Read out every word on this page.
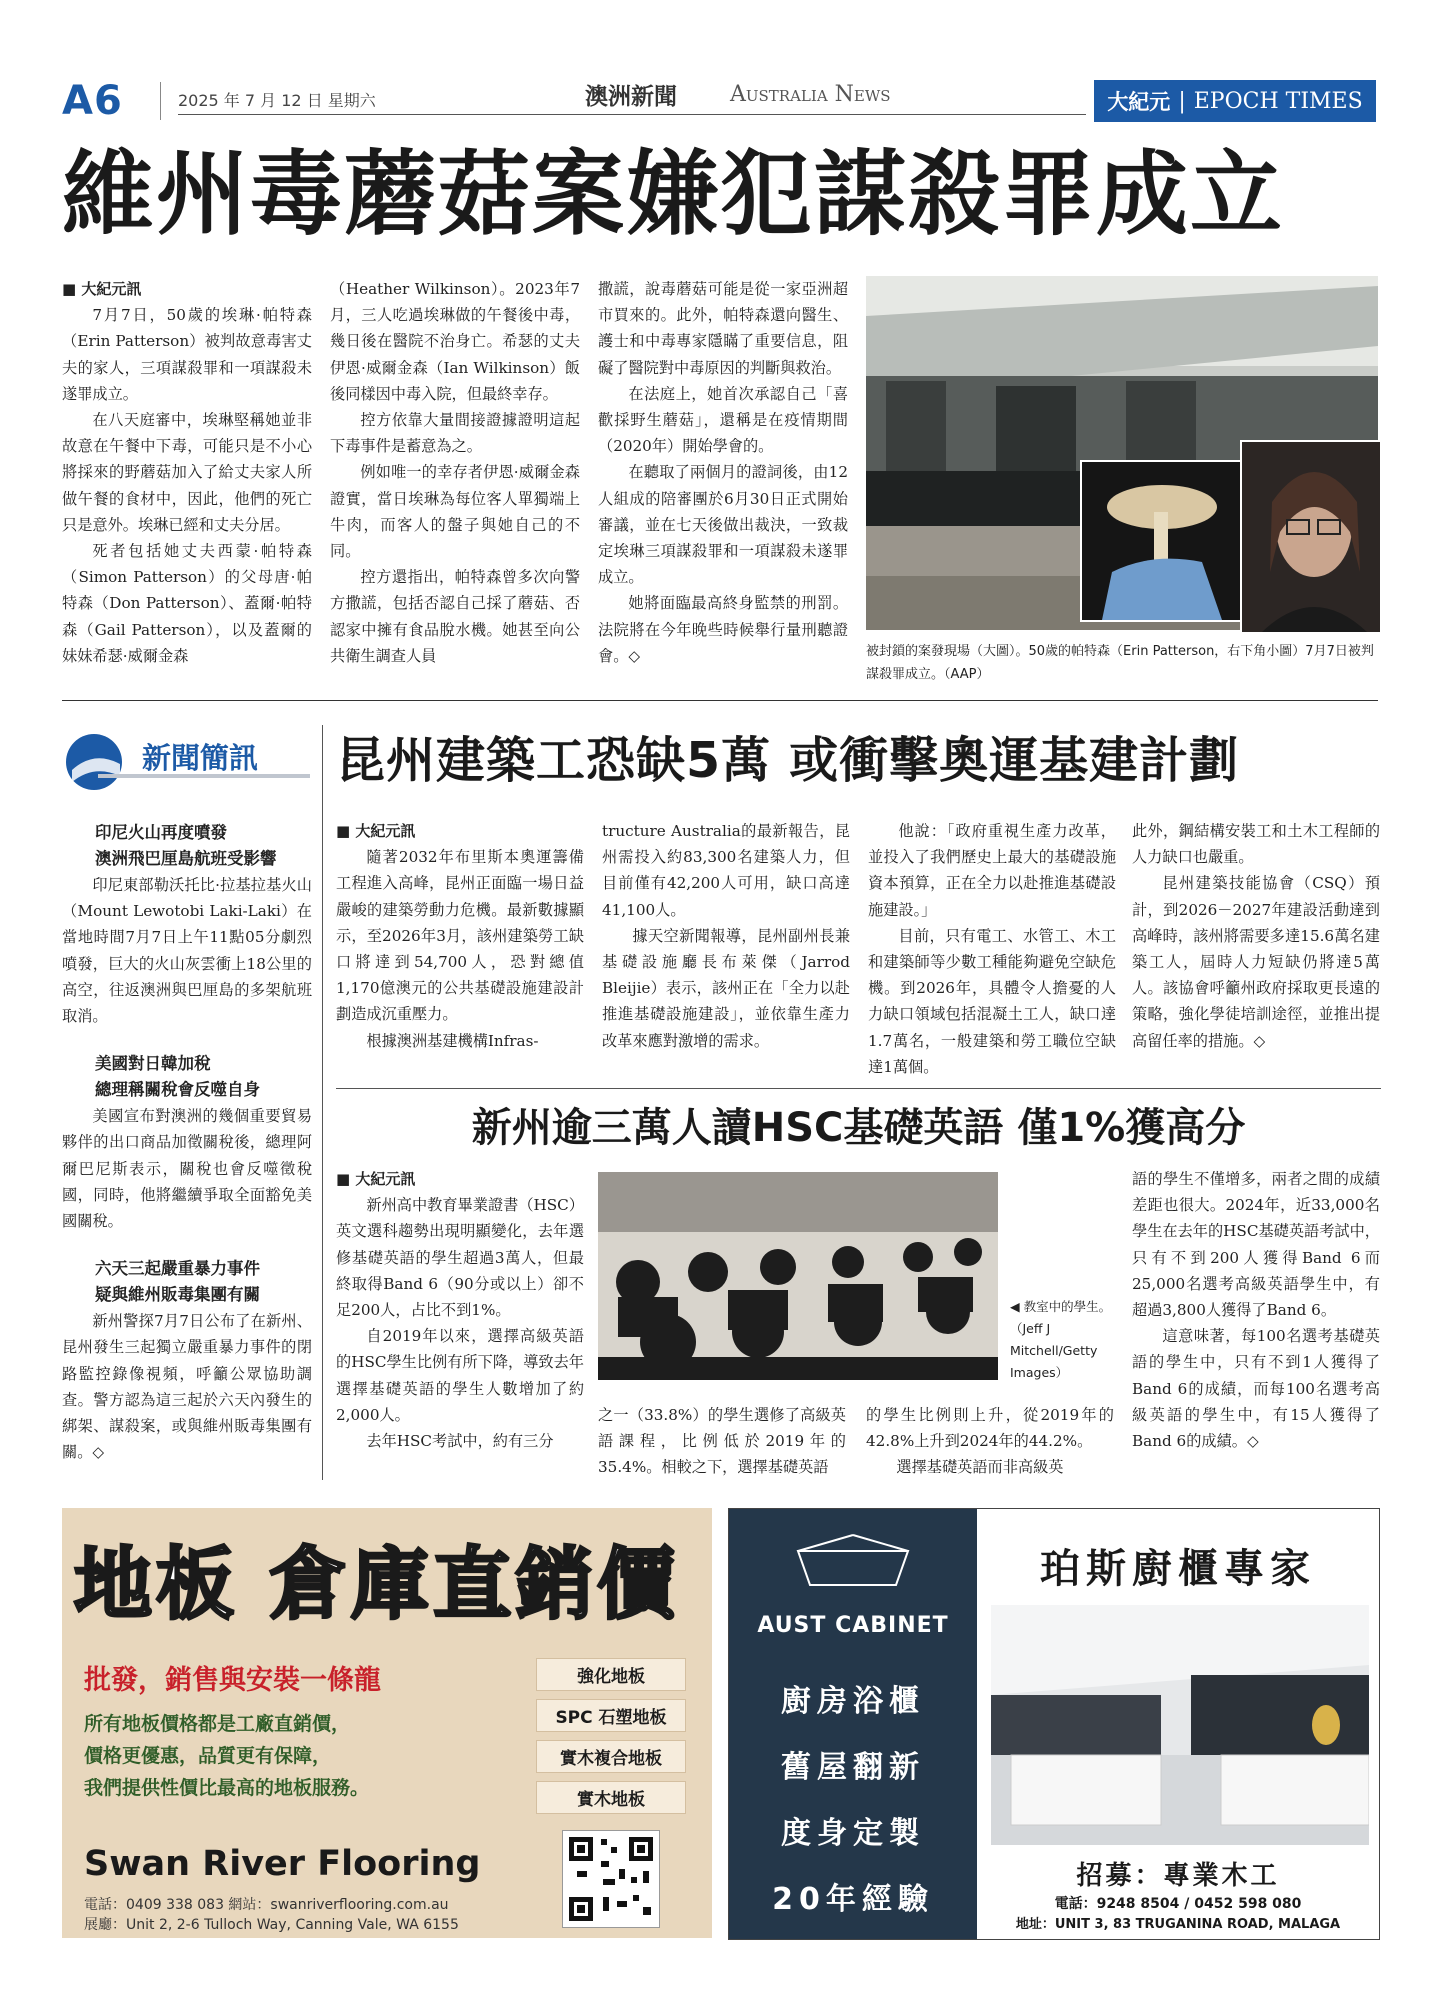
A6	2025 年 7 月 12 日 星期六	澳洲新聞 Australia News	大紀元 | EPOCH TIMES
維州毒蘑菇案嫌犯謀殺罪成立

■ 大紀元訊

7月7日，50歲的埃琳·帕特森（Erin Patterson）被判故意毒害丈夫的家人，三項謀殺罪和一項謀殺未遂罪成立。

在八天庭審中，埃琳堅稱她並非故意在午餐中下毒，可能只是不小心將採來的野蘑菇加入了給丈夫家人所做午餐的食材中，因此，他們的死亡只是意外。埃琳已經和丈夫分居。

死者包括她丈夫西蒙·帕特森（Simon Patterson）的父母唐·帕特森（Don Patterson）、蓋爾·帕特森（Gail Patterson），以及蓋爾的妹妹希瑟·威爾金森

（Heather Wilkinson）。2023年7月，三人吃過埃琳做的午餐後中毒，幾日後在醫院不治身亡。希瑟的丈夫伊恩·威爾金森（Ian Wilkinson）飯後同樣因中毒入院，但最終幸存。

控方依靠大量間接證據證明這起下毒事件是蓄意為之。

例如唯一的幸存者伊恩·威爾金森證實，當日埃琳為每位客人單獨端上牛肉，而客人的盤子與她自己的不同。

控方還指出，帕特森曾多次向警方撒謊，包括否認自己採了蘑菇、否認家中擁有食品脫水機。她甚至向公共衛生調查人員

撒謊，說毒蘑菇可能是從一家亞洲超市買來的。此外，帕特森還向醫生、護士和中毒專家隱瞞了重要信息，阻礙了醫院對中毒原因的判斷與救治。

在法庭上，她首次承認自己「喜歡採野生蘑菇」，還稱是在疫情期間（2020年）開始學會的。

在聽取了兩個月的證詞後，由12人組成的陪審團於6月30日正式開始審議，並在七天後做出裁決，一致裁定埃琳三項謀殺罪和一項謀殺未遂罪成立。

她將面臨最高終身監禁的刑罰。法院將在今年晚些時候舉行量刑聽證會。◇	被封鎖的案發現場（大圖）。50歲的帕特森（Erin Patterson，右下角小圖）7月7日被判謀殺罪成立。（AAP）
新聞簡訊

印尼火山再度噴發

澳洲飛巴厘島航班受影響

印尼東部勒沃托比·拉基拉基火山（Mount Lewotobi Laki-Laki）在當地時間7月7日上午11點05分劇烈噴發，巨大的火山灰雲衝上18公里的高空，往返澳洲與巴厘島的多架航班取消。

美國對日韓加稅

總理稱關稅會反噬自身

美國宣布對澳洲的幾個重要貿易夥伴的出口商品加徵關稅後，總理阿爾巴尼斯表示，關稅也會反噬徵稅國，同時，他將繼續爭取全面豁免美國關稅。

六天三起嚴重暴力事件

疑與維州販毒集團有關

新州警探7月7日公布了在新州、昆州發生三起獨立嚴重暴力事件的閉路監控錄像視頻，呼籲公眾協助調查。警方認為這三起於六天內發生的綁架、謀殺案，或與維州販毒集團有關。◇

昆州建築工恐缺5萬 或衝擊奧運基建計劃

■ 大紀元訊

隨著2032年布里斯本奧運籌備工程進入高峰，昆州正面臨一場日益嚴峻的建築勞動力危機。最新數據顯示，至2026年3月，該州建築勞工缺口將達到54,700人，恐對總值1,170億澳元的公共基礎設施建設計劃造成沉重壓力。

根據澳洲基建機構Infras-

tructure Australia的最新報告，昆州需投入約83,300名建築人力，但目前僅有42,200人可用，缺口高達41,100人。

據天空新聞報導，昆州副州長兼基礎設施廳長布萊傑（Jarrod Bleijie）表示，該州正在「全力以赴推進基礎設施建設」，並依靠生產力改革來應對激增的需求。

他說：「政府重視生產力改革，並投入了我們歷史上最大的基礎設施資本預算，正在全力以赴推進基礎設施建設。」

目前，只有電工、水管工、木工和建築師等少數工種能夠避免空缺危機。到2026年，具體令人擔憂的人力缺口領域包括混凝土工人，缺口達1.7萬名，一般建築和勞工職位空缺達1萬個。

此外，鋼結構安裝工和土木工程師的人力缺口也嚴重。

昆州建築技能協會（CSQ）預計，到2026－2027年建設活動達到高峰時，該州將需要多達15.6萬名建築工人，屆時人力短缺仍將達5萬人。該協會呼籲州政府採取更長遠的策略，強化學徒培訓途徑，並推出提高留任率的措施。◇

新州逾三萬人讀HSC基礎英語 僅1%獲高分

■ 大紀元訊

新州高中教育畢業證書（HSC）英文選科趨勢出現明顯變化，去年選修基礎英語的學生超過3萬人，但最終取得Band 6（90分或以上）卻不足200人，占比不到1%。

自2019年以來，選擇高級英語的HSC學生比例有所下降，導致去年選擇基礎英語的學生人數增加了約2,000人。

去年HSC考試中，約有三分

◀ 教室中的學生。（Jeff J Mitchell/Getty Images）

之一（33.8%）的學生選修了高級英語課程，比例低於2019年的35.4%。相較之下，選擇基礎英語

的學生比例則上升，從2019年的42.8%上升到2024年的44.2%。

選擇基礎英語而非高級英

語的學生不僅增多，兩者之間的成績差距也很大。2024年，近33,000名學生在去年的HSC基礎英語考試中，只有不到200人獲得Band 6而25,000名選考高級英語學生中，有超過3,800人獲得了Band 6。

這意味著，每100名選考基礎英語的學生中，只有不到1人獲得了Band 6的成績，而每100名選考高級英語的學生中，有15人獲得了Band 6的成績。◇

地板 倉庫直銷價
批發，銷售與安裝一條龍
所有地板價格都是工廠直銷價，
價格更優惠，品質更有保障，
我們提供性價比最高的地板服務。
強化地板
SPC 石塑地板
實木複合地板
實木地板
Swan River Flooring
電話：0409 338 083 網站：swanriverflooring.com.au
展廳：Unit 2, 2-6 Tulloch Way, Canning Vale, WA 6155
AUST CABINET
廚房浴櫃
舊屋翻新
度身定製
20年經驗
珀斯廚櫃專家
招募：專業木工
電話：9248 8504 / 0452 598 080
地址：UNIT 3, 83 TRUGANINA ROAD, MALAGA
